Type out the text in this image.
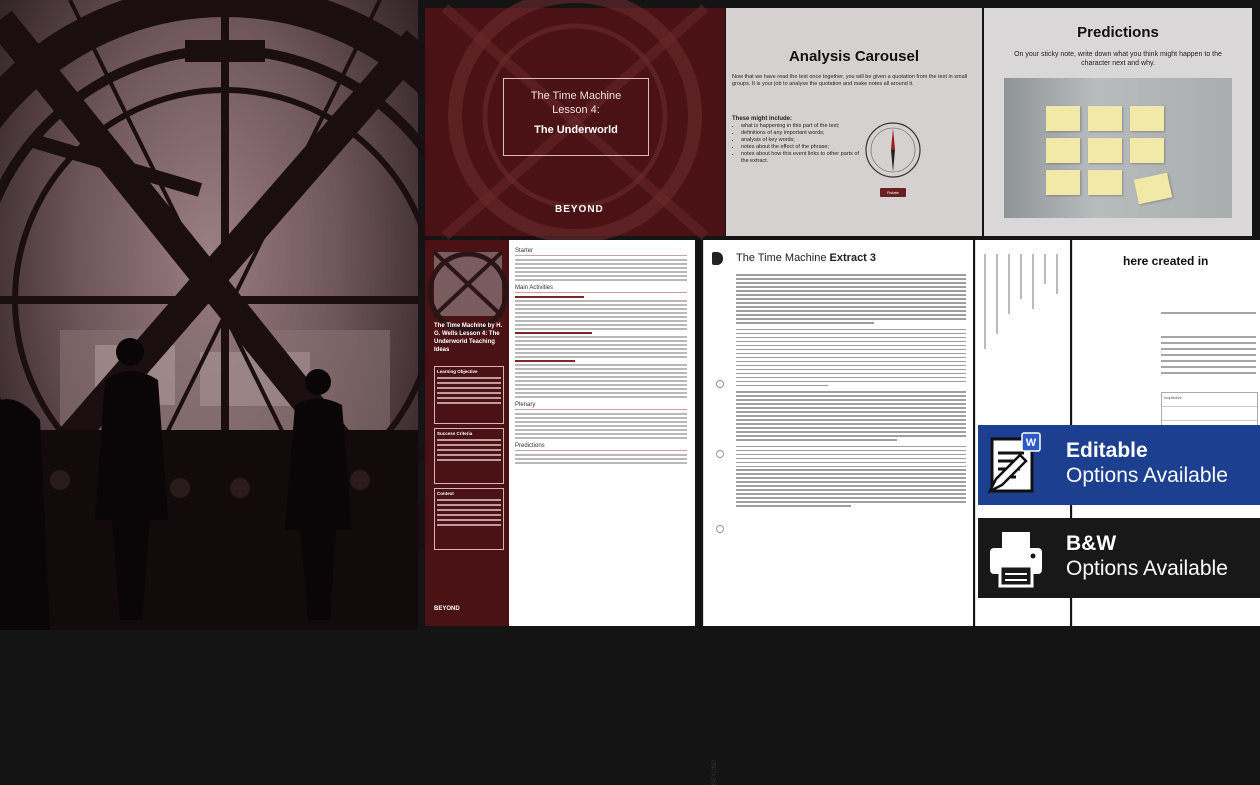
The Time Machine
Lesson 4:
The Underworld
BEYOND
Analysis Carousel
Now that we have read the text once together, you will be given a quotation from the text in small groups. It is your job to analyse the quotation and make notes all around it.
These might include:
• what is happening in this part of the text;
• definitions of any important words;
• analysis of key words;
• notes about the effect of the phrase;
• notes about how this event links to other parts of the extract.
Rotate
Predictions
On your sticky note, write down what you think might happen to the character next and why.
The Time Machine by H. G. Wells Lesson 4: The Underworld Teaching Ideas
Learning Objective
Success Criteria
Context
BEYOND
Starter
Main Activities
Plenary
Predictions
The Time Machine Extract 3
BEYOND
here created in
Inquisitive
W Editable
Options Available
B&W
Options Available
